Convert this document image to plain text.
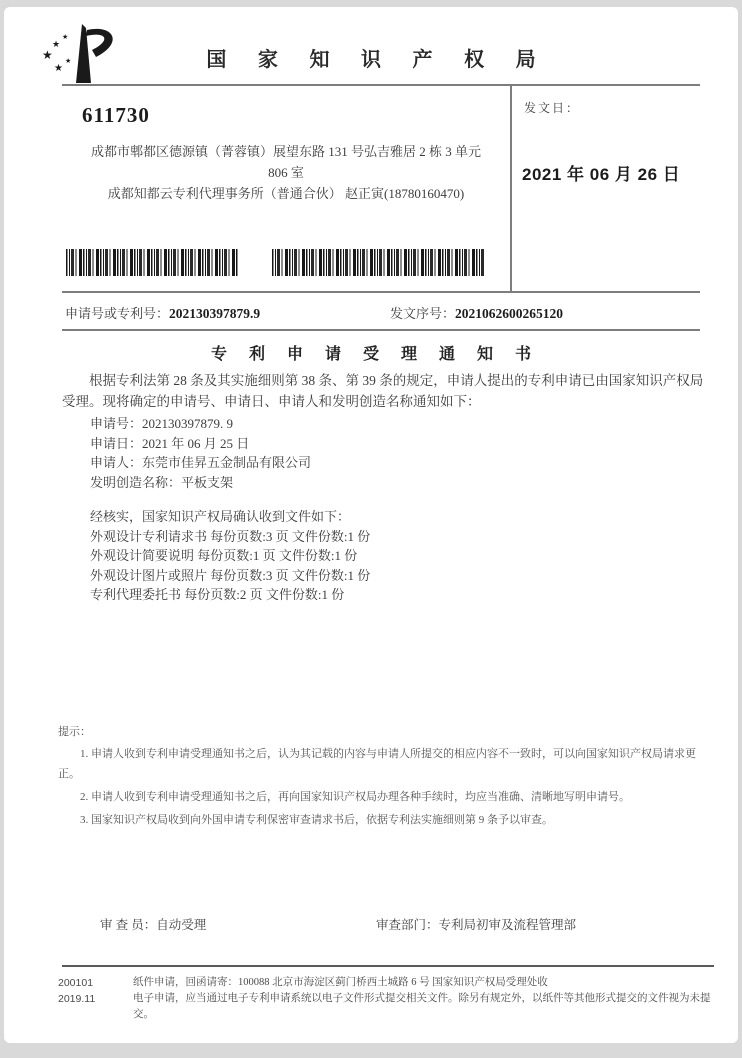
★
★
★
★
★	国 家 知 识 产 权 局
611730
成都市郫都区德源镇（菁蓉镇）展望东路 131 号弘吉雅居 2 栋 3 单元
806 室
成都知都云专利代理事务所（普通合伙） 赵正寅(18780160470)
发文日：
2021 年 06 月 26 日
申请号或专利号：202130397879.9	发文序号：2021062600265120
专 利 申 请 受 理 通 知 书

根据专利法第 28 条及其实施细则第 38 条、第 39 条的规定，申请人提出的专利申请已由国家知识产权局受理。现将确定的申请号、申请日、申请人和发明创造名称通知如下：

申请号：202130397879. 9
申请日：2021 年 06 月 25 日
申请人：东莞市佳昇五金制品有限公司
发明创造名称：平板支架
经核实，国家知识产权局确认收到文件如下：
外观设计专利请求书 每份页数:3 页 文件份数:1 份
外观设计简要说明 每份页数:1 页 文件份数:1 份
外观设计图片或照片 每份页数:3 页 文件份数:1 份
专利代理委托书 每份页数:2 页 文件份数:1 份
提示：

1. 申请人收到专利申请受理通知书之后，认为其记载的内容与申请人所提交的相应内容不一致时，可以向国家知识产权局请求更正。

2. 申请人收到专利申请受理通知书之后，再向国家知识产权局办理各种手续时，均应当准确、清晰地写明申请号。

3. 国家知识产权局收到向外国申请专利保密审查请求书后，依据专利法实施细则第 9 条予以审查。

审 查 员：自动受理	审查部门：专利局初审及流程管理部
200101
2019.11
纸件申请，回函请寄：100088 北京市海淀区蓟门桥西土城路 6 号 国家知识产权局受理处收
电子申请，应当通过电子专利申请系统以电子文件形式提交相关文件。除另有规定外，以纸件等其他形式提交的文件视为未提交。
